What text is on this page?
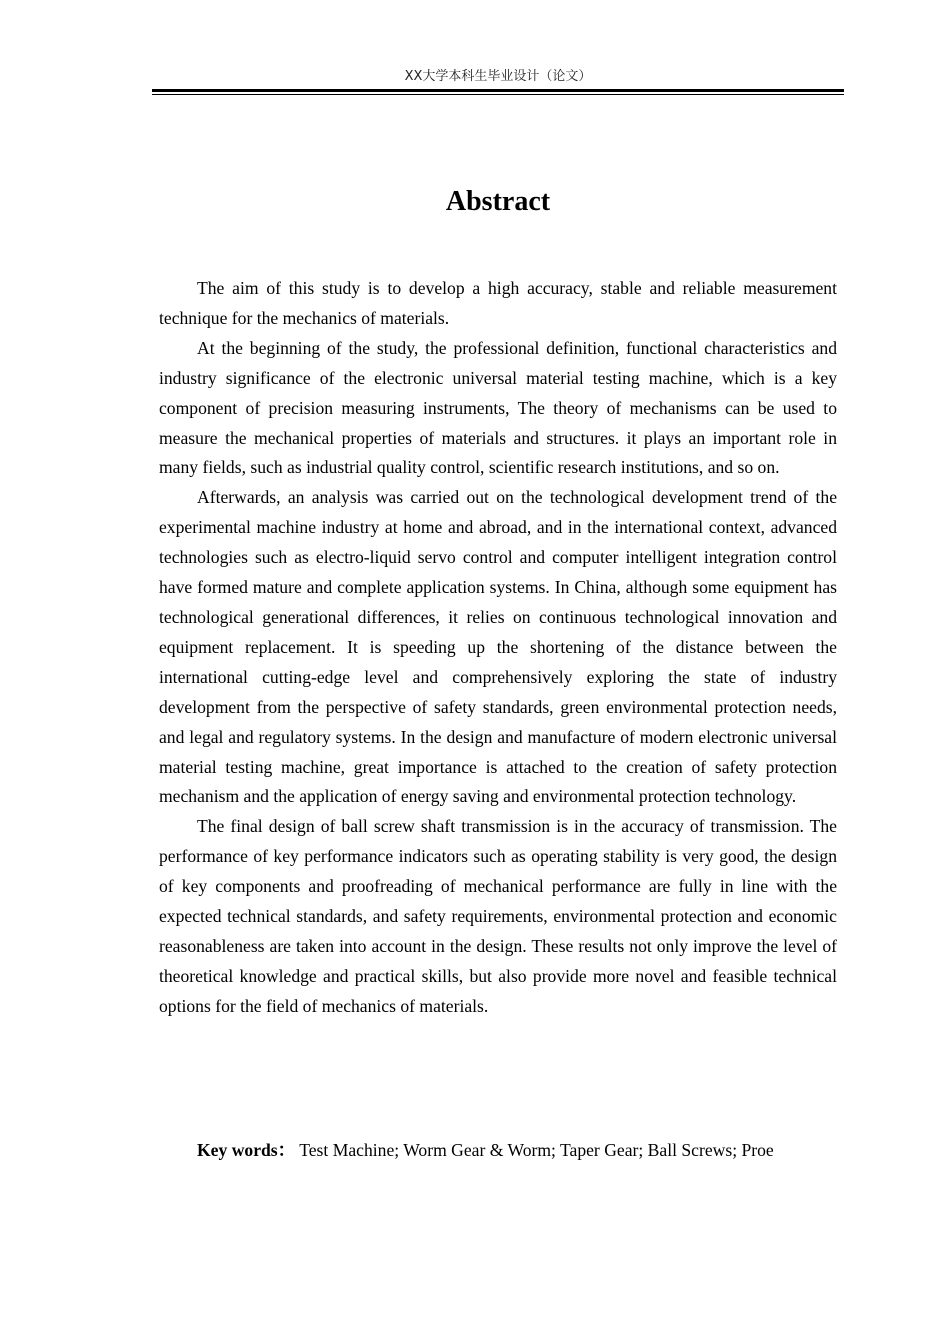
XX大学本科生毕业设计（论文）
Abstract

The aim of this study is to develop a high accuracy, stable and reliable measurement technique for the mechanics of materials.

At the beginning of the study, the professional definition, functional characteristics and industry significance of the electronic universal material testing machine, which is a key component of precision measuring instruments, The theory of mechanisms can be used to measure the mechanical properties of materials and structures. it plays an important role in many fields, such as industrial quality control, scientific research institutions, and so on.

Afterwards, an analysis was carried out on the technological development trend of the experimental machine industry at home and abroad, and in the international context, advanced technologies such as electro-liquid servo control and computer intelligent integration control have formed mature and complete application systems. In China, although some equipment has technological generational differences, it relies on continuous technological innovation and equipment replacement. It is speeding up the shortening of the distance between the international cutting-edge level and comprehensively exploring the state of industry development from the perspective of safety standards, green environmental protection needs, and legal and regulatory systems. In the design and manufacture of modern electronic universal material testing machine, great importance is attached to the creation of safety protection mechanism and the application of energy saving and environmental protection technology.

The final design of ball screw shaft transmission is in the accuracy of transmission. The performance of key performance indicators such as operating stability is very good, the design of key components and proofreading of mechanical performance are fully in line with the expected technical standards, and safety requirements, environmental protection and economic reasonableness are taken into account in the design. These results not only improve the level of theoretical knowledge and practical skills, but also provide more novel and feasible technical options for the field of mechanics of materials.

Key words： Test Machine; Worm Gear & Worm; Taper Gear; Ball Screws; Proe
